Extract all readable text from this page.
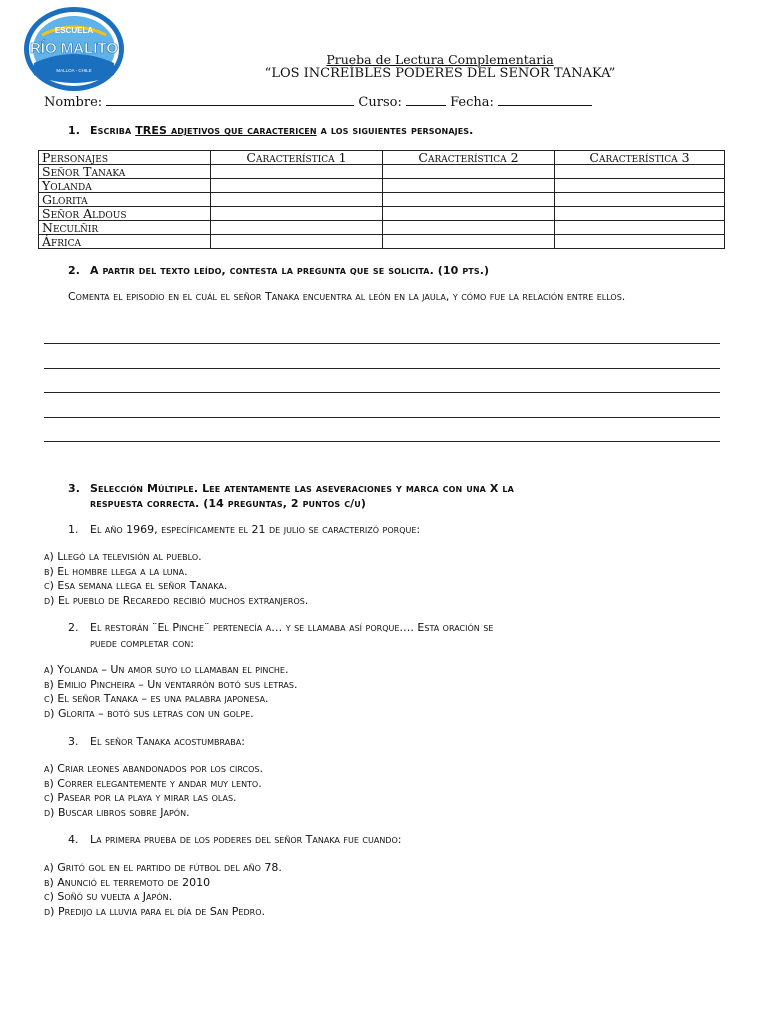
ESCUELA
RÍO MALITO
MALLOA - CHILE
Prueba de Lectura Complementaria
“LOS INCREÍBLES PODERES DEL SEÑOR TANAKA”
Nombre:	Curso:	Fecha:
1. Escriba TRES adjetivos que caractericen a los siguientes personajes.
Personajes	Característica 1	Característica 2	Característica 3
Señor Tanaka			
Yolanda			
Glorita			
Señor Aldous			
Neculñir			
África			
2. A partir del texto leído, contesta la pregunta que se solicita. (10 pts.)
Comenta el episodio en el cuál el señor Tanaka encuentra al león en la jaula, y cómo fue la relación entre ellos.
3. Selección Múltiple. Lee atentamente las aseveraciones y marca con una X la
respuesta correcta. (14 preguntas, 2 puntos c/u)
1. El año 1969, específicamente el 21 de julio se caracterizó porque:
a) Llegó la televisión al pueblo.
b) El hombre llega a la luna.
c) Esa semana llega el señor Tanaka.
d) El pueblo de Recaredo recibió muchos extranjeros.
2. El restorán ¨El Pinche¨ pertenecía a… y se llamaba así porque…. Esta oración se
puede completar con:
a) Yolanda – Un amor suyo lo llamaban el pinche.
b) Emilio Pincheira – Un ventarrón botó sus letras.
c) El señor Tanaka – es una palabra japonesa.
d) Glorita – botó sus letras con un golpe.
3. El señor Tanaka acostumbraba:
a) Criar leones abandonados por los circos.
b) Correr elegantemente y andar muy lento.
c) Pasear por la playa y mirar las olas.
d) Buscar libros sobre Japón.
4. La primera prueba de los poderes del señor Tanaka fue cuando:
a) Gritó gol en el partido de fútbol del año 78.
b) Anunció el terremoto de 2010
c) Soñó su vuelta a Japón.
d) Predijo la lluvia para el día de San Pedro.
